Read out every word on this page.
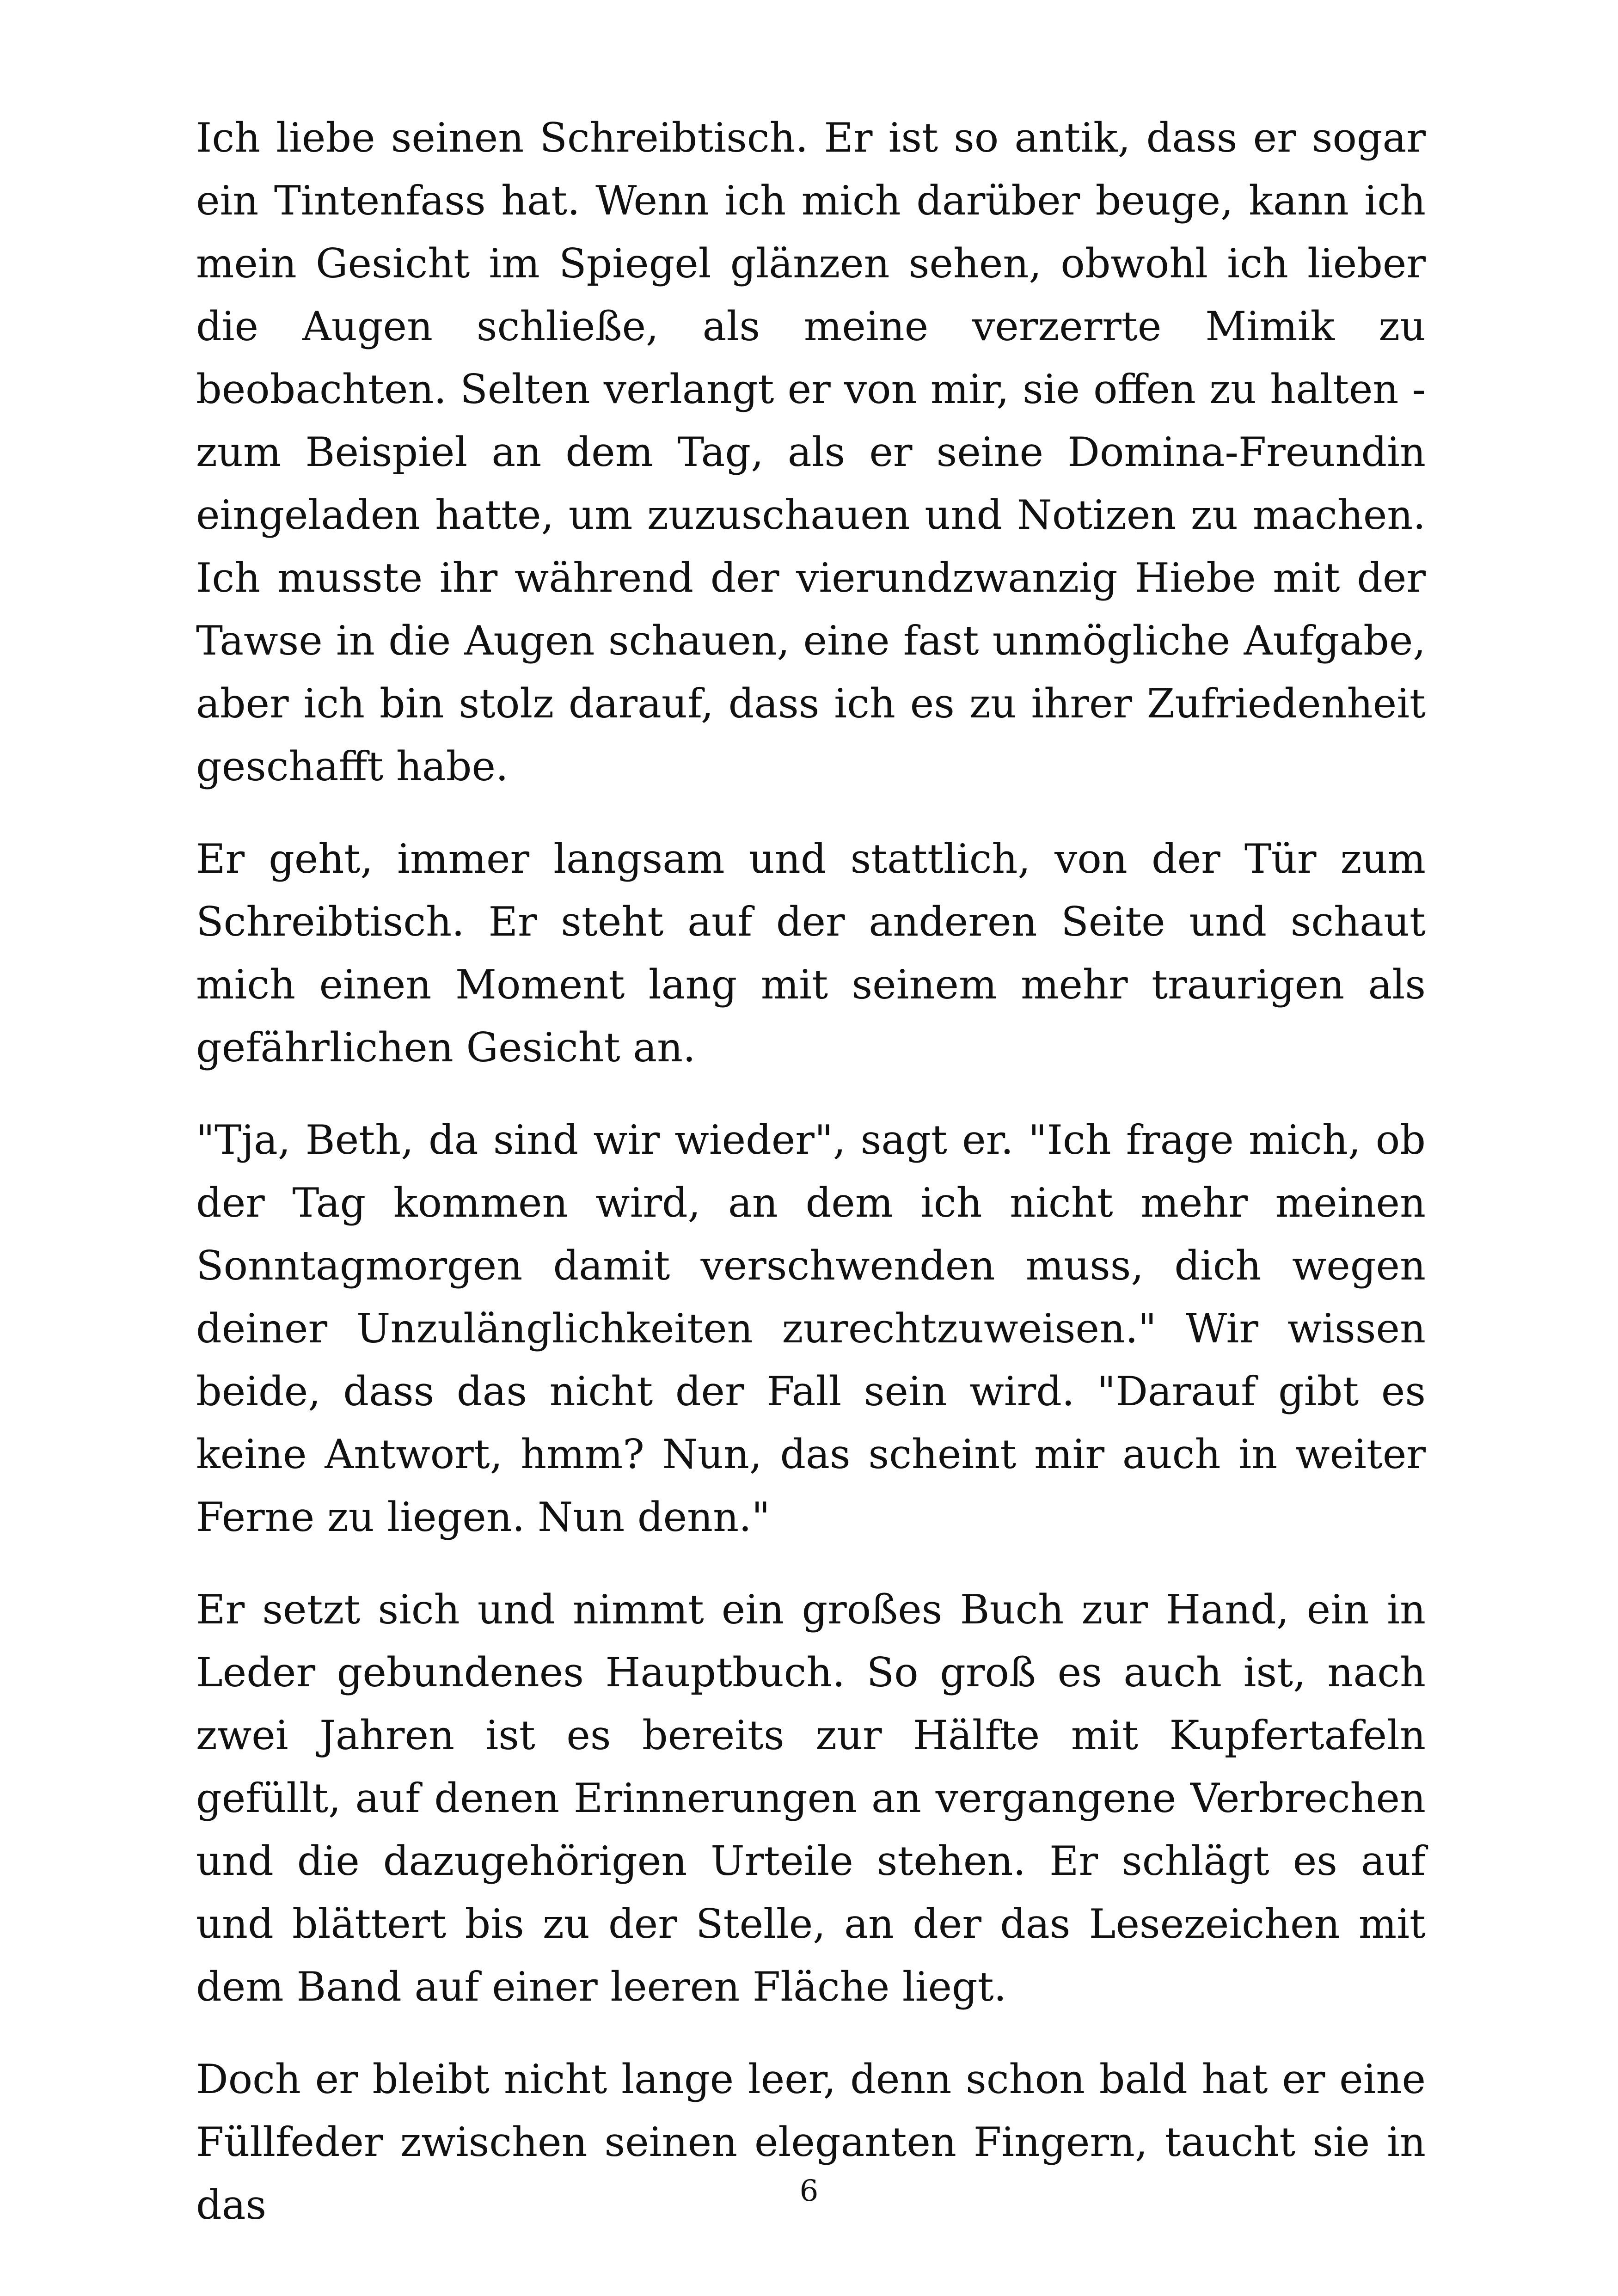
Ich liebe seinen Schreibtisch. Er ist so antik, dass er sogar ein Tintenfass hat. Wenn ich mich darüber beuge, kann ich mein Gesicht im Spiegel glänzen sehen, obwohl ich lieber die Augen schließe, als meine verzerrte Mimik zu beobachten. Selten verlangt er von mir, sie offen zu halten - zum Beispiel an dem Tag, als er seine Domina-Freundin eingeladen hatte, um zuzuschauen und Notizen zu machen. Ich musste ihr während der vierundzwanzig Hiebe mit der Tawse in die Augen schauen, eine fast unmögliche Aufgabe, aber ich bin stolz darauf, dass ich es zu ihrer Zufriedenheit geschafft habe.

Er geht, immer langsam und stattlich, von der Tür zum Schreibtisch. Er steht auf der anderen Seite und schaut mich einen Moment lang mit seinem mehr traurigen als gefährlichen Gesicht an.

"Tja, Beth, da sind wir wieder", sagt er. "Ich frage mich, ob der Tag kommen wird, an dem ich nicht mehr meinen Sonntagmorgen damit verschwenden muss, dich wegen deiner Unzulänglichkeiten zurechtzuweisen." Wir wissen beide, dass das nicht der Fall sein wird. "Darauf gibt es keine Antwort, hmm? Nun, das scheint mir auch in weiter Ferne zu liegen. Nun denn."

Er setzt sich und nimmt ein großes Buch zur Hand, ein in Leder gebundenes Hauptbuch. So groß es auch ist, nach zwei Jahren ist es bereits zur Hälfte mit Kupfertafeln gefüllt, auf denen Erinnerungen an vergangene Verbrechen und die dazugehörigen Urteile stehen. Er schlägt es auf und blättert bis zu der Stelle, an der das Lesezeichen mit dem Band auf einer leeren Fläche liegt.

Doch er bleibt nicht lange leer, denn schon bald hat er eine Füllfeder zwischen seinen eleganten Fingern, taucht sie in das	6
